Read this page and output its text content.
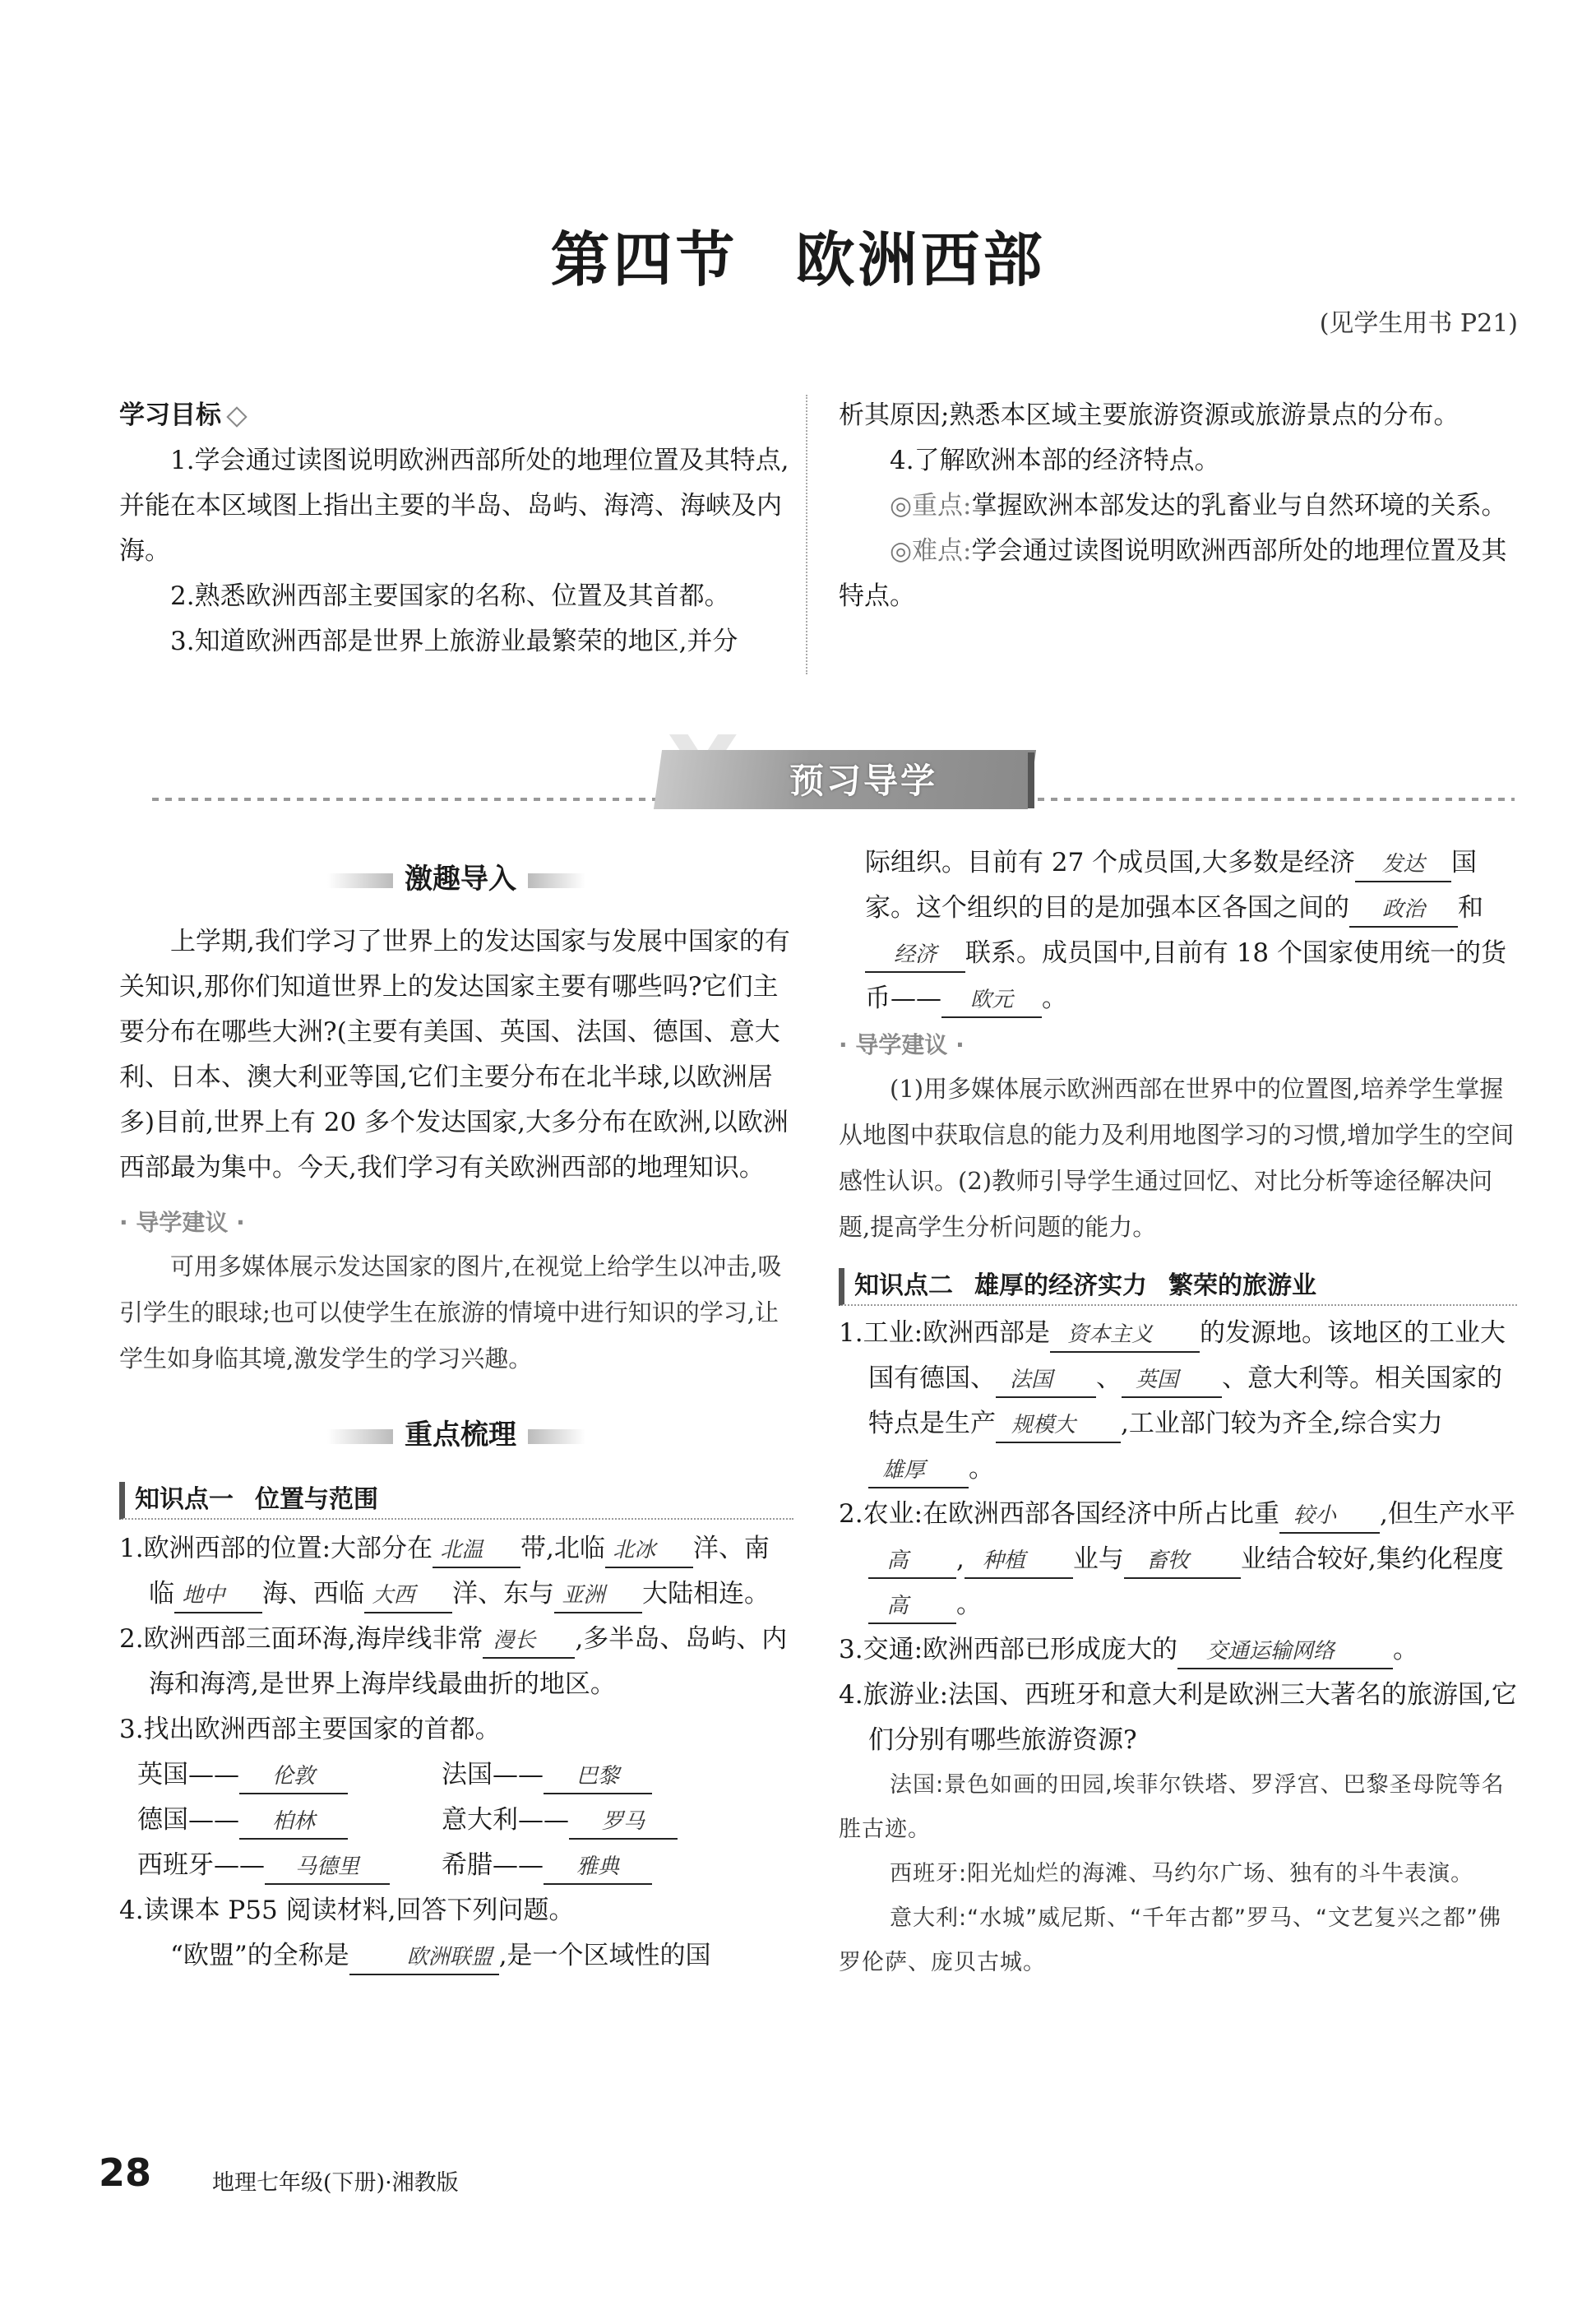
第四节 欧洲西部
(见学生用书 P21)
学习目标
1.学会通过读图说明欧洲西部所处的地理位置及其特点,并能在本区域图上指出主要的半岛、岛屿、海湾、海峡及内海。
2.熟悉欧洲西部主要国家的名称、位置及其首都。
3.知道欧洲西部是世界上旅游业最繁荣的地区,并分
析其原因;熟悉本区域主要旅游资源或旅游景点的分布。
4.了解欧洲本部的经济特点。
◎重点:掌握欧洲本部发达的乳畜业与自然环境的关系。
◎难点:学会通过读图说明欧洲西部所处的地理位置及其特点。
预习导学
激趣导入
上学期,我们学习了世界上的发达国家与发展中国家的有关知识,那你们知道世界上的发达国家主要有哪些吗?它们主要分布在哪些大洲?(主要有美国、英国、法国、德国、意大利、日本、澳大利亚等国,它们主要分布在北半球,以欧洲居多)目前,世界上有 20 多个发达国家,大多分布在欧洲,以欧洲西部最为集中。今天,我们学习有关欧洲西部的地理知识。
· 导学建议 ·
可用多媒体展示发达国家的图片,在视觉上给学生以冲击,吸引学生的眼球;也可以使学生在旅游的情境中进行知识的学习,让学生如身临其境,激发学生的学习兴趣。
重点梳理
知识点一 位置与范围
1.欧洲西部的位置:大部分在 北温 带,北临 北冰 洋、南临 地中 海、西临 大西 洋、东与 亚洲 大陆相连。
2.欧洲西部三面环海,海岸线非常 漫长 ,多半岛、岛屿、内海和海湾,是世界上海岸线最曲折的地区。
3.找出欧洲西部主要国家的首都。
英国—— 伦敦	法国—— 巴黎
德国—— 柏林	意大利—— 罗马
西班牙—— 马德里	希腊—— 雅典
4.读课本 P55 阅读材料,回答下列问题。
“欧盟”的全称是	欧洲联盟 ,是一个区域性的国
际组织。目前有 27 个成员国,大多数是经济 发达 国家。这个组织的目的是加强本区各国之间的 政治 和经济 联系。成员国中,目前有 18 个国家使用统一的货币—— 欧元 。
· 导学建议 ·
(1)用多媒体展示欧洲西部在世界中的位置图,培养学生掌握从地图中获取信息的能力及利用地图学习的习惯,增加学生的空间感性认识。(2)教师引导学生通过回忆、对比分析等途径解决问题,提高学生分析问题的能力。
知识点二 雄厚的经济实力 繁荣的旅游业
1.工业:欧洲西部是 资本主义 的发源地。该地区的工业大国有德国、 法国 、 英国 、意大利等。相关国家的特点是生产 规模大 ,工业部门较为齐全,综合实力雄厚 。
2.农业:在欧洲西部各国经济中所占比重 较小 ,但生产水平高 , 种植 业与 畜牧 业结合较好,集约化程度高 。
3.交通:欧洲西部已形成庞大的 交通运输网络 。
4.旅游业:法国、西班牙和意大利是欧洲三大著名的旅游国,它们分别有哪些旅游资源?
法国:景色如画的田园,埃菲尔铁塔、罗浮宫、巴黎圣母院等名胜古迹。
西班牙:阳光灿烂的海滩、马约尔广场、独有的斗牛表演。
意大利:“水城”威尼斯、“千年古都”罗马、“文艺复兴之都”佛罗伦萨、庞贝古城。
28	地理七年级(下册)·湘教版
